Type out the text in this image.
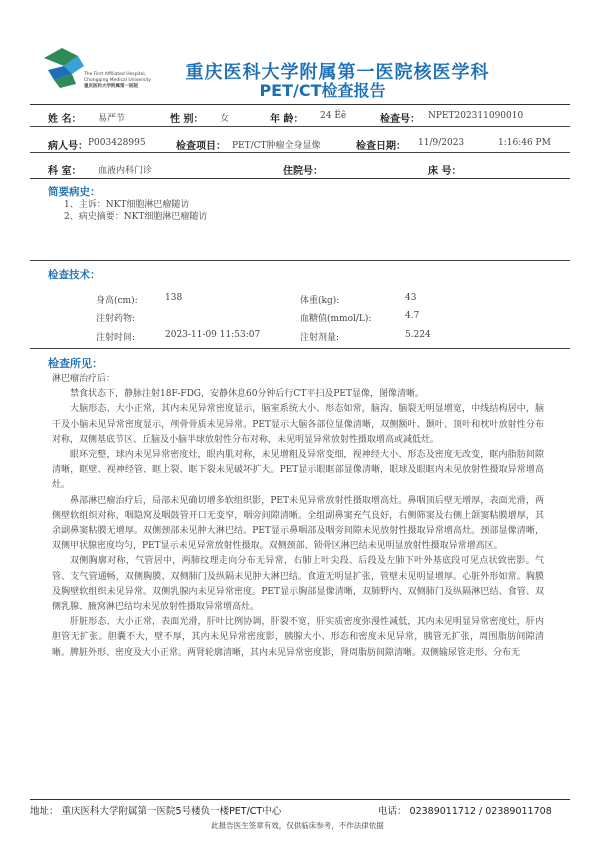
The First Affiliated Hospital,
Chongqing Medical University
重庆医科大学附属第一医院
重庆医科大学附属第一医院核医学科
PET/CT检查报告
姓 名： 易严节	性 别： 女	年 龄： 24 Ëê	检查号： NPET202311090010
病人号： P003428995	检查项目： PET/CT肿瘤全身显像	检查日期： 11/9/2023	1:16:46 PM
科 室： 血液内科门诊	住院号：	床 号：
简要病史：
1、主诉：NKT细胞淋巴瘤随访
2、病史摘要：NKT细胞淋巴瘤随访
检查技术：
身高(cm):	138	体重(kg):	43
注射药物:	血糖值(mmol/L):	4.7
注射时间:	2023-11-09 11:53:07	注射剂量:	5.224
检查所见：

淋巴瘤治疗后：

禁食状态下，静脉注射18F-FDG，安静休息60分钟后行CT平扫及PET显像，图像清晰。

大脑形态、大小正常，其内未见异常密度显示，脑室系统大小、形态如常，脑沟、脑裂无明显增宽，中线结构居中，脑干及小脑未见异常密度显示，颅骨骨质未见异常。PET显示大脑各部位显像清晰，双侧额叶、颞叶、顶叶和枕叶放射性分布对称，双侧基底节区、丘脑及小脑半球放射性分布对称，未见明显异常放射性摄取增高或减低灶。

眼环完整，球内未见异常密度灶，眼内肌对称，未见增粗及异常变细，视神经大小、形态及密度无改变，眶内脂肪间隙清晰，眶壁、视神经管、眶上裂、眶下裂未见破坏扩大。PET显示眼眶部显像清晰，眼球及眼眶内未见放射性摄取异常增高灶。

鼻部淋巴瘤治疗后，局部未见确切增多软组织影，PET未见异常放射性摄取增高灶。鼻咽顶后壁无增厚，表面光滑，两侧壁软组织对称，咽隐窝及咽鼓管开口无变窄，咽旁间隙清晰。全组副鼻窦充气良好，右侧筛窦及右侧上颌窦粘膜增厚，其余副鼻窦粘膜无增厚。双侧颈部未见肿大淋巴结。PET显示鼻咽部及咽旁间隙未见放射性摄取异常增高灶。颈部显像清晰，双侧甲状腺密度均匀，PET显示未见异常放射性摄取。双侧颈部、锁骨区淋巴结未见明显放射性摄取异常增高区。

双侧胸廓对称，气管居中，两肺纹理走向分布无异常，右肺上叶尖段、后段及左肺下叶外基底段可见点状致密影。气管、支气管通畅，双侧胸膜、双侧肺门及纵隔未见肿大淋巴结。食道无明显扩张，管壁未见明显增厚。心脏外形如常。胸膜及胸壁软组织未见异常。双侧乳腺内未见异常密度。PET显示胸部显像清晰，双肺野内、双侧肺门及纵隔淋巴结、食管、双侧乳腺、腋窝淋巴结均未见放射性摄取异常增高灶。

肝脏形态、大小正常，表面光滑，肝叶比例协调，肝裂不宽，肝实质密度弥漫性减低，其内未见明显异常密度灶，肝内胆管无扩张。胆囊不大，壁不厚，其内未见异常密度影，胰腺大小、形态和密度未见异常，胰管无扩张，周围脂肪间隙清晰。脾脏外形、密度及大小正常。两肾轮廓清晰，其内未见异常密度影，肾周脂肪间隙清晰。双侧输尿管走形、分布无

地址： 重庆医科大学附属第一医院5号楼负一楼PET/CT中心	电话： 02389011712 / 02389011708
此报告医生签章有效，仅供临床参考，不作法律依据
